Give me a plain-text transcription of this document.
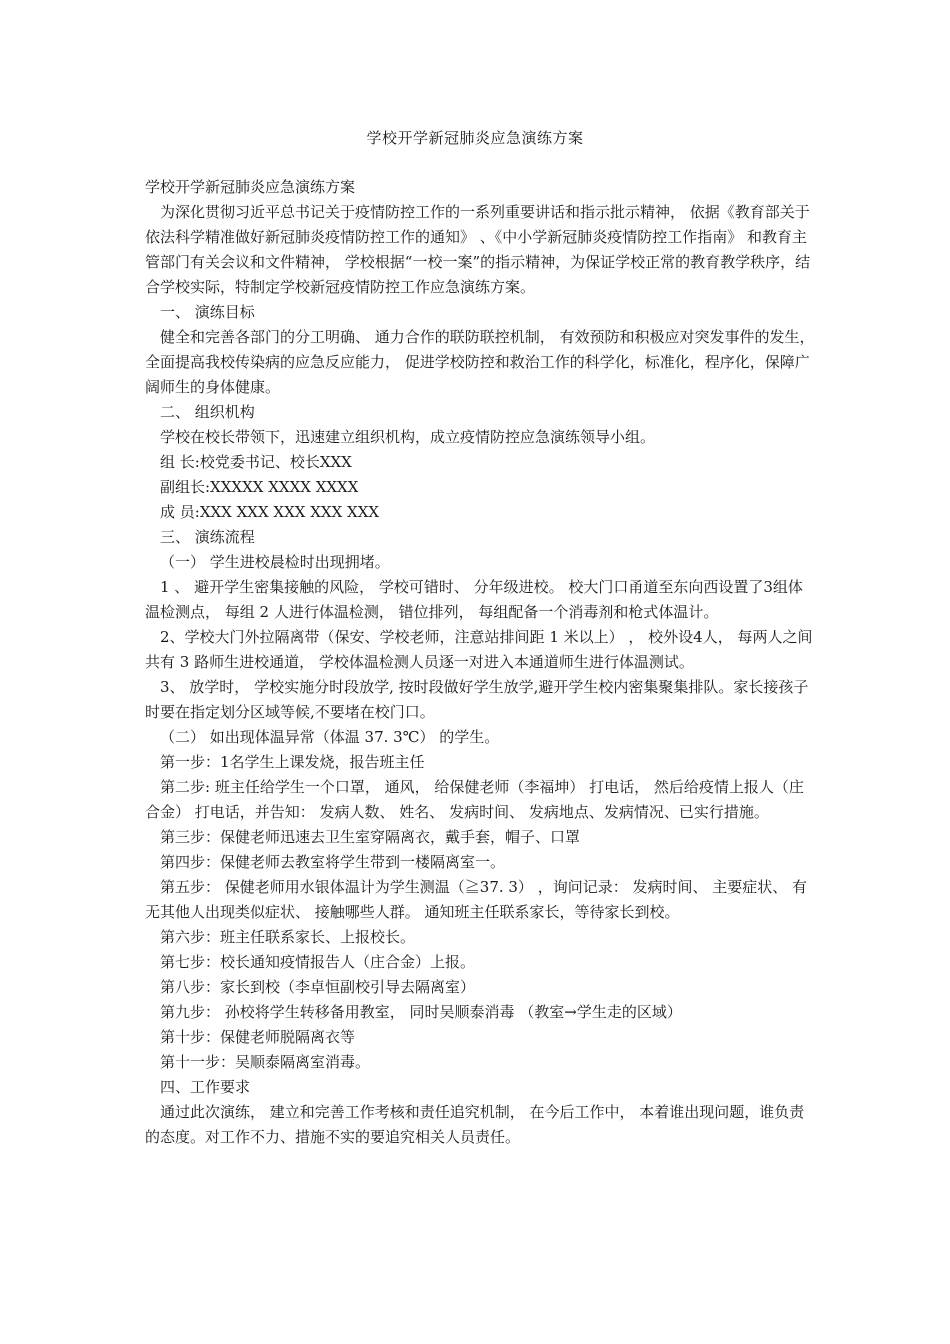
学校开学新冠肺炎应急演练方案

学校开学新冠肺炎应急演练方案

为深化贯彻习近平总书记关于疫情防控工作的一系列重要讲话和指示批示精神， 依据《教育部关于依法科学精准做好新冠肺炎疫情防控工作的通知》 、《中小学新冠肺炎疫情防控工作指南》 和教育主管部门有关会议和文件精神， 学校根据“一校一案”的指示精神，为保证学校正常的教育教学秩序，结合学校实际，特制定学校新冠疫情防控工作应急演练方案。

一、 演练目标

健全和完善各部门的分工明确、 通力合作的联防联控机制， 有效预防和积极应对突发事件的发生， 全面提高我校传染病的应急反应能力， 促进学校防控和救治工作的科学化，标准化，程序化，保障广阔师生的身体健康。

二、 组织机构

学校在校长带领下，迅速建立组织机构，成立疫情防控应急演练领导小组。

组 长:校党委书记、校长XXX

副组长:XXXXX XXXX XXXX

成 员:XXX XXX XXX XXX XXX

三、 演练流程

（一） 学生进校晨检时出现拥堵。

1 、 避开学生密集接触的风险， 学校可错时、 分年级进校。 校大门口甬道至东向西设置了3组体温检测点， 每组 2 人进行体温检测， 错位排列， 每组配备一个消毒剂和枪式体温计。

2、学校大门外拉隔离带（保安、学校老师，注意站排间距 1 米以上） ， 校外设4人， 每两人之间共有 3 路师生进校通道， 学校体温检测人员逐一对进入本通道师生进行体温测试。

3、 放学时， 学校实施分时段放学, 按时段做好学生放学,避开学生校内密集聚集排队。家长接孩子时要在指定划分区域等候,不要堵在校门口。

（二） 如出现体温异常（体温 37. 3℃） 的学生。

第一步：1名学生上课发烧，报告班主任

第二步: 班主任给学生一个口罩， 通风， 给保健老师（李福坤） 打电话， 然后给疫情上报人（庄合金） 打电话，并告知： 发病人数、 姓名、 发病时间、 发病地点、发病情况、已实行措施。

第三步：保健老师迅速去卫生室穿隔离衣，戴手套，帽子、口罩

第四步：保健老师去教室将学生带到一楼隔离室一。

第五步： 保健老师用水银体温计为学生测温（≧37. 3） ，询问记录： 发病时间、 主要症状、 有无其他人出现类似症状、 接触哪些人群。 通知班主任联系家长，等待家长到校。

第六步：班主任联系家长、上报校长。

第七步：校长通知疫情报告人（庄合金）上报。

第八步：家长到校（李卓恒副校引导去隔离室）

第九步： 孙校将学生转移备用教室， 同时吴顺泰消毒 （教室→学生走的区域）

第十步：保健老师脱隔离衣等

第十一步：吴顺泰隔离室消毒。

四、工作要求

通过此次演练， 建立和完善工作考核和责任追究机制， 在今后工作中， 本着谁出现问题，谁负责的态度。对工作不力、措施不实的要追究相关人员责任。
